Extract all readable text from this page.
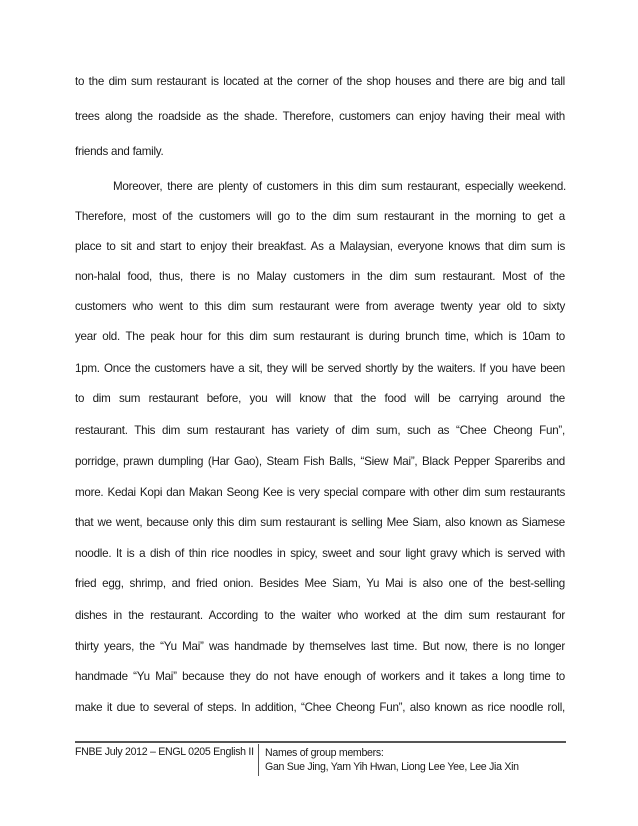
to the dim sum restaurant is located at the corner of the shop houses and there are big and tall
trees along the roadside as the shade. Therefore, customers can enjoy having their meal with
friends and family.
Moreover, there are plenty of customers in this dim sum restaurant, especially weekend.
Therefore, most of the customers will go to the dim sum restaurant in the morning to get a
place to sit and start to enjoy their breakfast. As a Malaysian, everyone knows that dim sum is
non-halal food, thus, there is no Malay customers in the dim sum restaurant. Most of the
customers who went to this dim sum restaurant were from average twenty year old to sixty
year old. The peak hour for this dim sum restaurant is during brunch time, which is 10am to
1pm. Once the customers have a sit, they will be served shortly by the waiters. If you have been
to dim sum restaurant before, you will know that the food will be carrying around the
restaurant. This dim sum restaurant has variety of dim sum, such as “Chee Cheong Fun”,
porridge, prawn dumpling (Har Gao), Steam Fish Balls, “Siew Mai”, Black Pepper Spareribs and
more. Kedai Kopi dan Makan Seong Kee is very special compare with other dim sum restaurants
that we went, because only this dim sum restaurant is selling Mee Siam, also known as Siamese
noodle. It is a dish of thin rice noodles in spicy, sweet and sour light gravy which is served with
fried egg, shrimp, and fried onion. Besides Mee Siam, Yu Mai is also one of the best-selling
dishes in the restaurant. According to the waiter who worked at the dim sum restaurant for
thirty years, the “Yu Mai” was handmade by themselves last time. But now, there is no longer
handmade “Yu Mai” because they do not have enough of workers and it takes a long time to
make it due to several of steps. In addition, “Chee Cheong Fun”, also known as rice noodle roll,
FNBE July 2012 – ENGL 0205 English II Names of group members:
Gan Sue Jing, Yam Yih Hwan, Liong Lee Yee, Lee Jia Xin
